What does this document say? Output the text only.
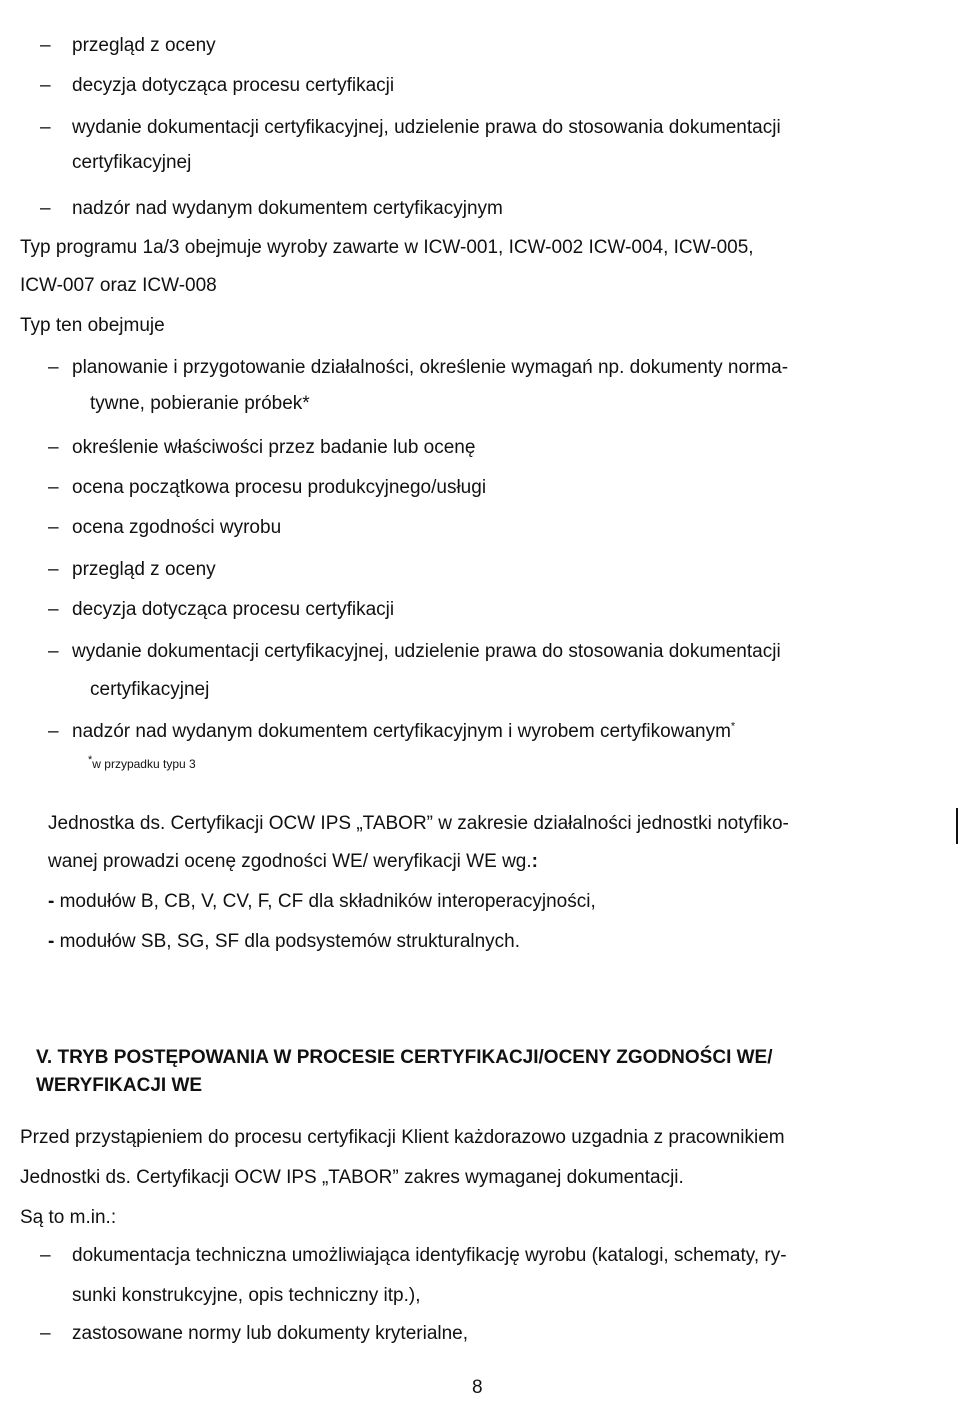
– przegląd z oceny
– decyzja dotycząca procesu certyfikacji
– wydanie dokumentacji certyfikacyjnej, udzielenie prawa do stosowania dokumentacji
certyfikacyjnej
– nadzór nad wydanym dokumentem certyfikacyjnym
Typ programu 1a/3 obejmuje wyroby zawarte w ICW-001, ICW-002 ICW-004, ICW-005,
ICW-007 oraz ICW-008
Typ ten obejmuje
– planowanie i przygotowanie działalności, określenie wymagań np. dokumenty norma-
tywne, pobieranie próbek*
– określenie właściwości przez badanie lub ocenę
– ocena początkowa procesu produkcyjnego/usługi
– ocena zgodności wyrobu
– przegląd z oceny
– decyzja dotycząca procesu certyfikacji
– wydanie dokumentacji certyfikacyjnej, udzielenie prawa do stosowania dokumentacji
certyfikacyjnej
– nadzór nad wydanym dokumentem certyfikacyjnym i wyrobem certyfikowanym*
*w przypadku typu 3
Jednostka ds. Certyfikacji OCW IPS „TABOR” w zakresie działalności jednostki notyfiko-
wanej prowadzi ocenę zgodności WE/ weryfikacji WE wg.:
- modułów B, CB, V, CV, F, CF dla składników interoperacyjności,
- modułów SB, SG, SF dla podsystemów strukturalnych.
V. TRYB POSTĘPOWANIA W PROCESIE CERTYFIKACJI/OCENY ZGODNOŚCI WE/
WERYFIKACJI WE
Przed przystąpieniem do procesu certyfikacji Klient każdorazowo uzgadnia z pracownikiem
Jednostki ds. Certyfikacji OCW IPS „TABOR” zakres wymaganej dokumentacji.
Są to m.in.:
– dokumentacja techniczna umożliwiająca identyfikację wyrobu (katalogi, schematy, ry-
sunki konstrukcyjne, opis techniczny itp.),
– zastosowane normy lub dokumenty kryterialne,
8
